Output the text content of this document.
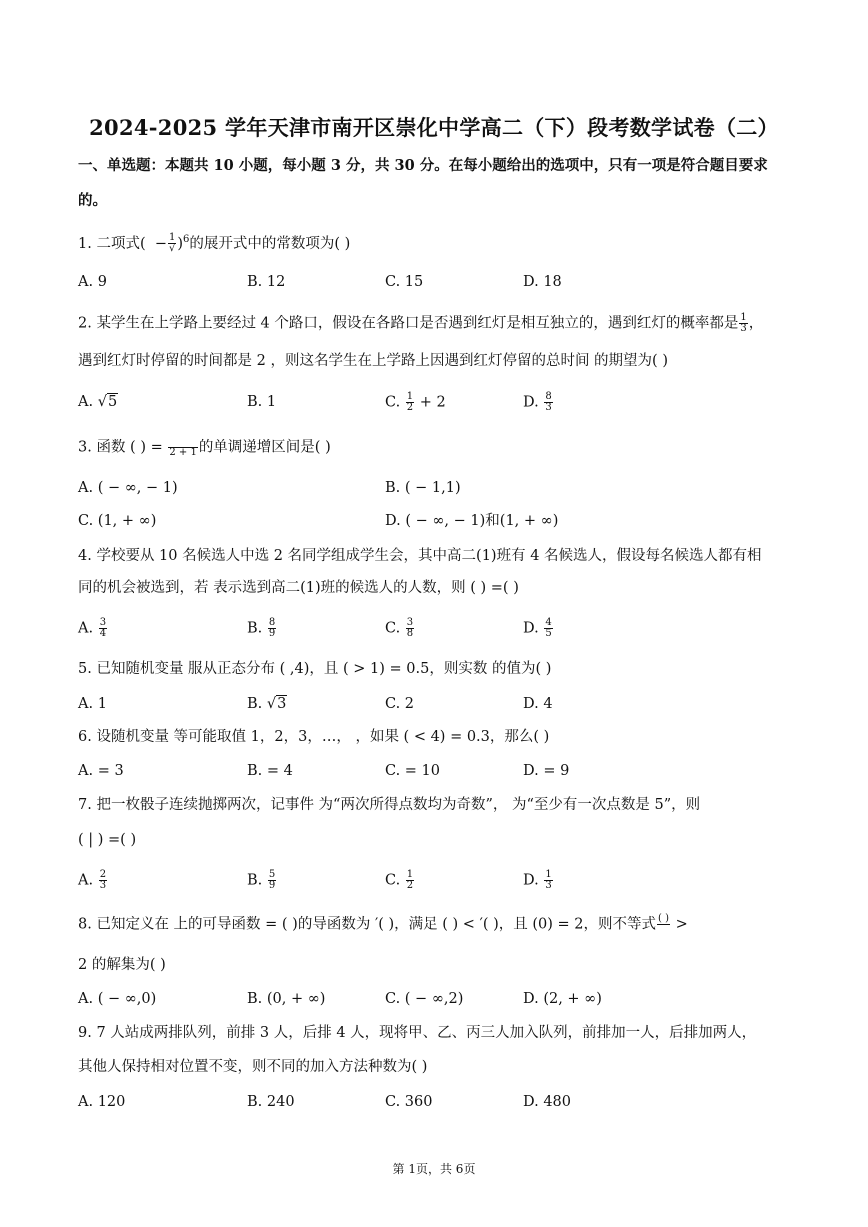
2024-2025 学年天津市南开区崇化中学高二（下）段考数学试卷（二）
一、单选题：本题共 10 小题，每小题 3 分，共 30 分。在每小题给出的选项中，只有一项是符合题目要求
的。
1. 二项式( − $\frac{1}{√} )^6$的展开式中的常数项为( )
A. 9	B. 12	C. 15	D. 18
2. 某学生在上学路上要经过 4 个路口，假设在各路口是否遇到红灯是相互独立的，遇到红灯的概率都是 $\frac{1}{3}$ ，
遇到红灯时停留的时间都是 2 ，则这名学生在上学路上因遇到红灯停留的总时间 的期望为( )
A. √5	B. 1	C. $\frac{1}{2} + 2$	D. $\frac{8}{3}$
3. 函数 ( ) =
2 + 1 的单调递增区间是( )
A. ( − ∞, − 1)	B. ( − 1,1)
C. (1, + ∞)	D. ( − ∞, − 1)和(1, + ∞)
4. 学校要从 10 名候选人中选 2 名同学组成学生会，其中高二(1)班有 4 名候选人，假设每名候选人都有相
同的机会被选到，若 表示选到高二(1)班的候选人的人数，则 ( ) =( )
A. $\frac{3}{4}$	B. $\frac{8}{9}$	C. $\frac{3}{8}$	D. $\frac{4}{5}$
5. 已知随机变量 服从正态分布 ( ,4)，且 ( > 1) = 0.5，则实数 的值为( )
A. 1	B. √3	C. 2	D. 4
6. 设随机变量 等可能取值 1，2，3，…， ，如果 ( < 4) = 0.3，那么( )
A. = 3	B. = 4	C. = 10	D. = 9
7. 把一枚骰子连续抛掷两次，记事件 为“两次所得点数均为奇数”， 为“至少有一次点数是 5”，则
( | ) =( )
A. $\frac{2}{3}$	B. $\frac{5}{9}$	C. $\frac{1}{2}$	D. $\frac{1}{3}$
8. 已知定义在 上的可导函数 = ( )的导函数为 ′( )，满足 ( ) < ′( )，且 (0) = 2，则不等式 ( )
>
2 的解集为( )
A. ( − ∞,0)	B. (0, + ∞)	C. ( − ∞,2)	D. (2, + ∞)
9. 7 人站成两排队列，前排 3 人，后排 4 人，现将甲、乙、丙三人加入队列，前排加一人，后排加两人，
其他人保持相对位置不变，则不同的加入方法种数为( )
A. 120	B. 240	C. 360	D. 480
第 1页，共 6页
